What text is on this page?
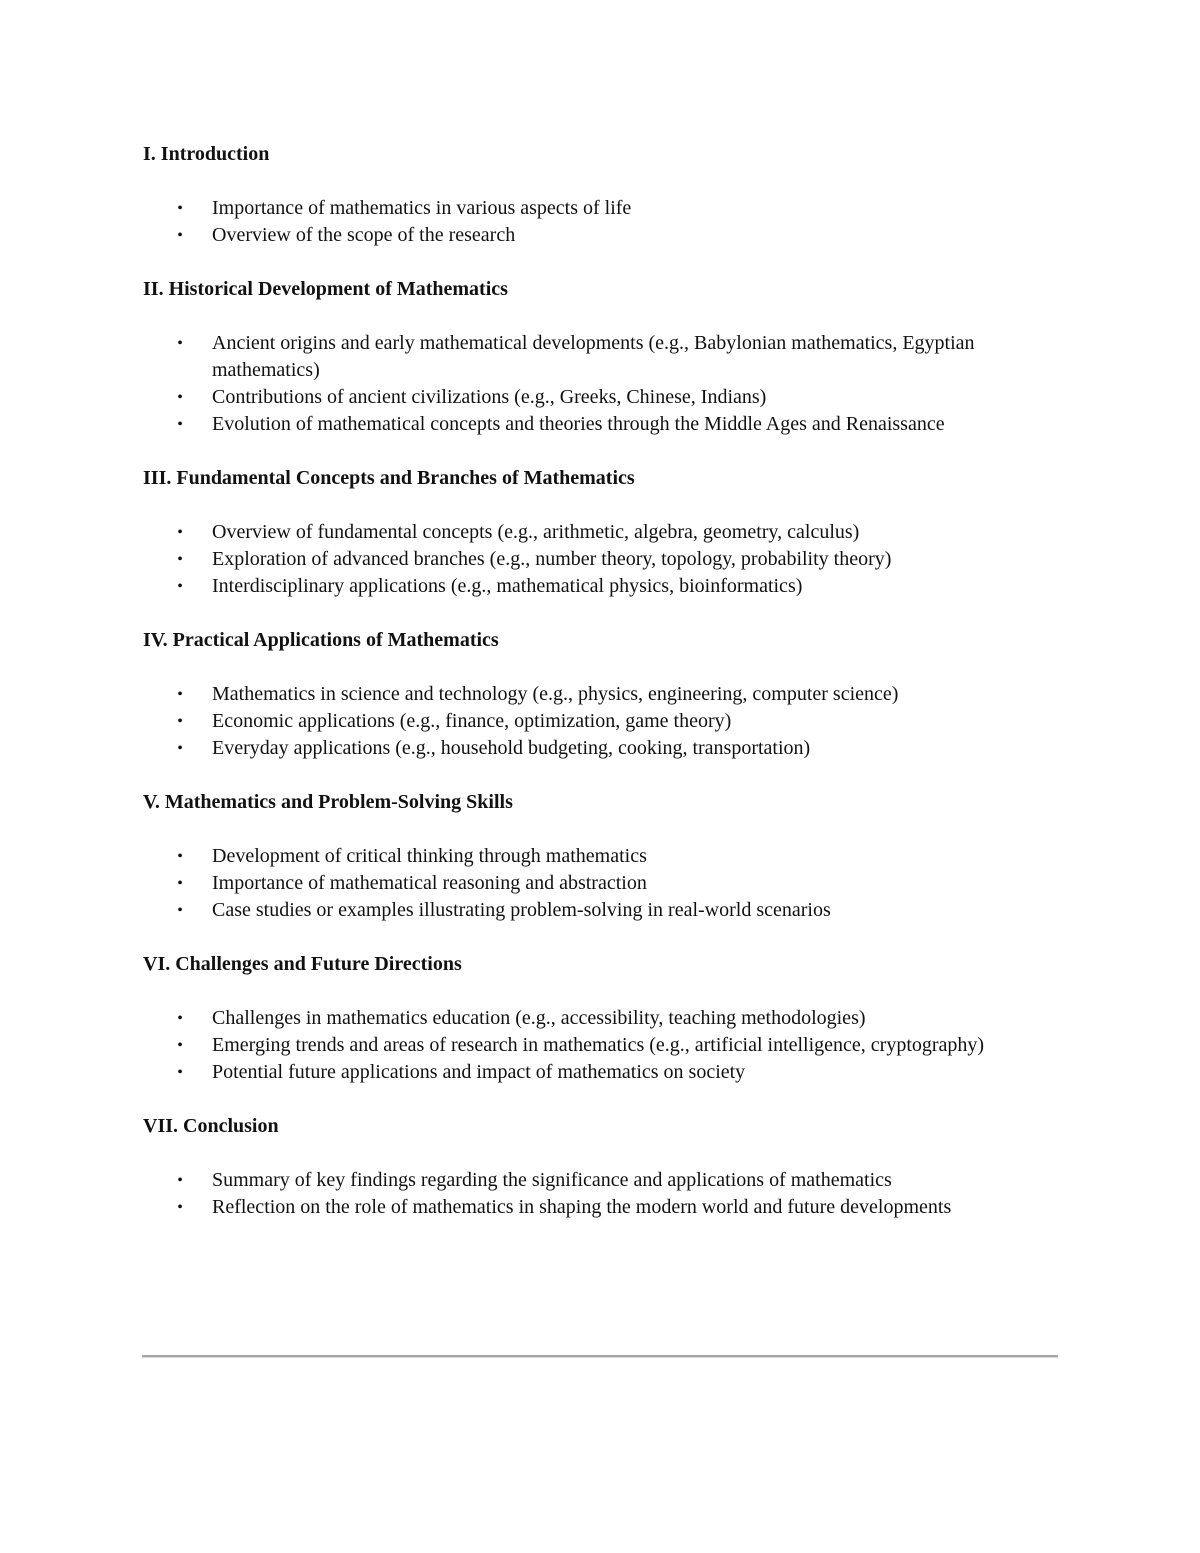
I. Introduction
• Importance of mathematics in various aspects of life
• Overview of the scope of the research
II. Historical Development of Mathematics
• Ancient origins and early mathematical developments (e.g., Babylonian mathematics, Egyptian mathematics)
• Contributions of ancient civilizations (e.g., Greeks, Chinese, Indians)
• Evolution of mathematical concepts and theories through the Middle Ages and Renaissance
III. Fundamental Concepts and Branches of Mathematics
• Overview of fundamental concepts (e.g., arithmetic, algebra, geometry, calculus)
• Exploration of advanced branches (e.g., number theory, topology, probability theory)
• Interdisciplinary applications (e.g., mathematical physics, bioinformatics)
IV. Practical Applications of Mathematics
• Mathematics in science and technology (e.g., physics, engineering, computer science)
• Economic applications (e.g., finance, optimization, game theory)
• Everyday applications (e.g., household budgeting, cooking, transportation)
V. Mathematics and Problem-Solving Skills
• Development of critical thinking through mathematics
• Importance of mathematical reasoning and abstraction
• Case studies or examples illustrating problem-solving in real-world scenarios
VI. Challenges and Future Directions
• Challenges in mathematics education (e.g., accessibility, teaching methodologies)
• Emerging trends and areas of research in mathematics (e.g., artificial intelligence, cryptography)
• Potential future applications and impact of mathematics on society
VII. Conclusion
• Summary of key findings regarding the significance and applications of mathematics
• Reflection on the role of mathematics in shaping the modern world and future developments
